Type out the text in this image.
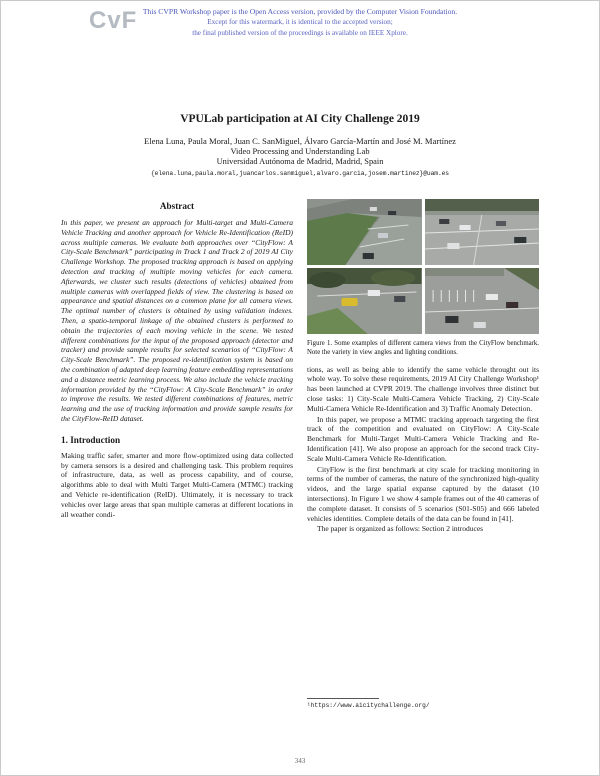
CvF This CVPR Workshop paper is the Open Access version, provided by the Computer Vision Foundation.
Except for this watermark, it is identical to the accepted version;
the final published version of the proceedings is available on IEEE Xplore.
VPULab participation at AI City Challenge 2019
Elena Luna, Paula Moral, Juan C. SanMiguel, Álvaro García-Martín and José M. Martínez
Video Processing and Understanding Lab
Universidad Autónoma de Madrid, Madrid, Spain
{elena.luna,paula.moral,juancarlos.sanmiguel,alvaro.garcia,josem.martinez}@uam.es
Abstract

In this paper, we present an approach for Multi-target and Multi-Camera Vehicle Tracking and another approach for Vehicle Re-Identification (ReID) across multiple cameras. We evaluate both approaches over “CityFlow: A City-Scale Benchmark” participating in Track 1 and Track 2 of 2019 AI City Challenge Workshop. The proposed tracking approach is based on applying detection and tracking of multiple moving vehicles for each camera. Afterwards, we cluster such results (detections of vehicles) obtained from multiple cameras with overlapped fields of view. The clustering is based on appearance and spatial distances on a common plane for all camera views. The optimal number of clusters is obtained by using validation indexes. Then, a spatio-temporal linkage of the obtained clusters is performed to obtain the trajectories of each moving vehicle in the scene. We tested different combinations for the input of the proposed approach (detector and tracker) and provide sample results for selected scenarios of “CityFlow: A City-Scale Benchmark”. The proposed re-identification system is based on the combination of adapted deep learning feature embedding representations and a distance metric learning process. We also include the vehicle tracking information provided by the “CityFlow: A City-Scale Benchmark” in order to improve the results. We tested different combinations of features, metric learning and the use of tracking information and provide sample results for the CityFlow-ReID dataset.

1. Introduction

Making traffic safer, smarter and more flow-optimized using data collected by camera sensors is a desired and challenging task. This problem requires of infrastructure, data, as well as process capability, and of course, algorithms able to deal with Multi Target Multi-Camera (MTMC) tracking and Vehicle re-identification (ReID). Ultimately, it is necessary to track vehicles over large areas that span multiple cameras at different locations in all weather condi-

Figure 1. Some examples of different camera views from the CityFlow benchmark. Note the variety in view angles and lighting conditions.

tions, as well as being able to identify the same vehicle throught out its whole way. To solve these requirements, 2019 AI City Challenge Workshop¹ has been launched at CVPR 2019. The challenge involves three distinct but close tasks: 1) City-Scale Multi-Camera Vehicle Tracking, 2) City-Scale Multi-Camera Vehicle Re-Identification and 3) Traffic Anomaly Detection.

In this paper, we propose a MTMC tracking approach targeting the first track of the competition and evaluated on CityFlow: A City-Scale Benchmark for Multi-Target Multi-Camera Vehicle Tracking and Re-Identification [41]. We also propose an approach for the second track City-Scale Multi-Camera Vehicle Re-Identification.

CityFlow is the first benchmark at city scale for tracking monitoring in terms of the number of cameras, the nature of the synchronized high-quality videos, and the large spatial expanse captured by the dataset (10 intersections). In Figure 1 we show 4 sample frames out of the 40 cameras of the complete dataset. It consists of 5 scenarios (S01-S05) and 666 labeled vehicles identities. Complete details of the data can be found in [41].

The paper is organized as follows: Section 2 introduces

¹https://www.aicitychallenge.org/
343
